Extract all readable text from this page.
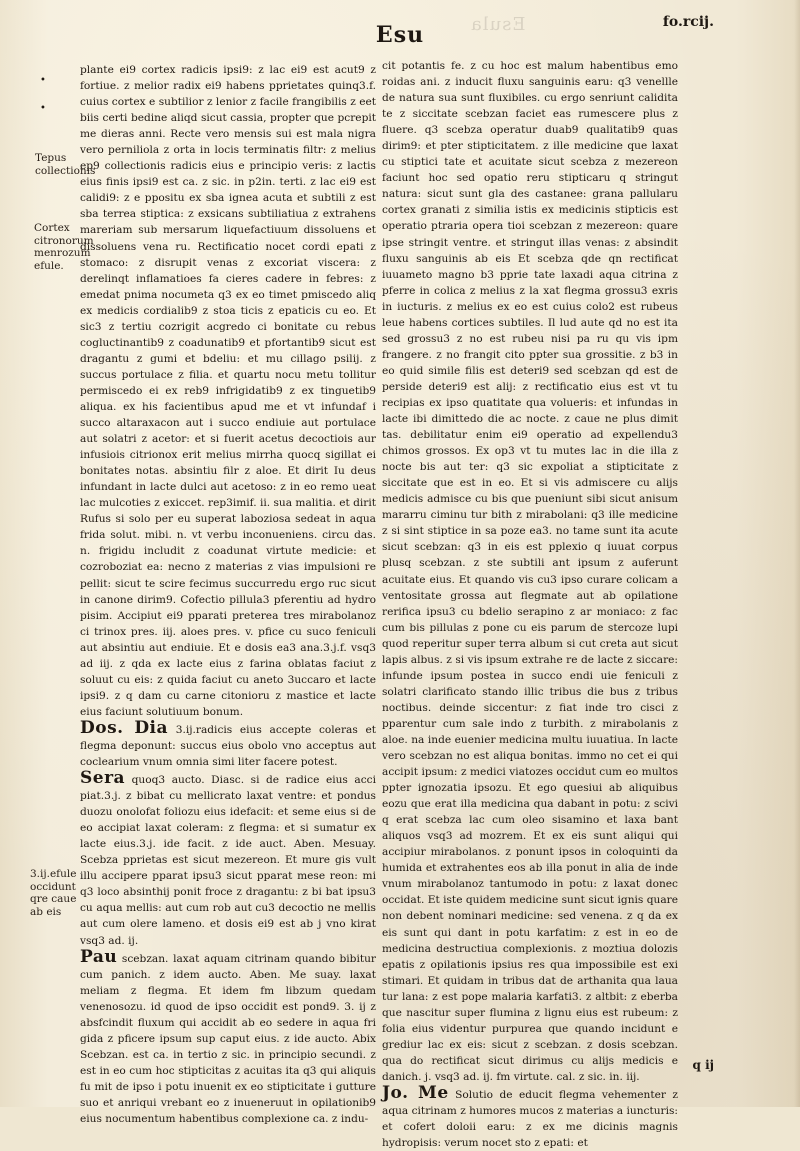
Esula
Esu	fo.rcij.
•
•
Tepus collectionis
Cortex citronorum menrozum efule.
3.ij.efule occidunt qre caue ab eis
plante ei9 cortex radicis ipsi9: z lac ei9 est acut9 z fortiue. z melior radix ei9 habens pprietates quinq3.f. cuius cortex e subtilior z lenior z facile frangibilis z eet biis certi bedine aliqd sicut cassia, propter que pcrepit me dieras anni. Recte vero mensis sui est mala nigra vero perniliola z orta in locis terminatis filtr: z melius ep9 collectionis radicis eius e principio veris: z lactis eius finis ipsi9 est ca. z sic. in p2in. terti. z lac ei9 est calidi9: z e ppositu ex sba ignea acuta et subtili z est sba terrea stiptica: z exsicans subtiliatiua z extrahens mareriam sub mersarum liquefactiuum dissoluens et dissoluens vena ru. Rectificatio nocet cordi epati z stomaco: z disrupit venas z excoriat viscera: z derelinqt inflamatioes fa cieres cadere in febres: z emedat pnima nocumeta q3 ex eo timet pmiscedo aliq ex medicis cordialib9 z stoa ticis z epaticis cu eo. Et sic3 z tertiu cozrigit acgredo ci bonitate cu rebus cogluctinantib9 z coadunatib9 et pfortantib9 sicut est dragantu z gumi et bdeliu: et mu cillago psilij. z succus portulace z filia. et quartu nocu metu tollitur permiscedo ei ex reb9 infrigidatib9 z ex tinguetib9 aliqua. ex his facientibus apud me et vt infundaf i succo altaraxacon aut i succo endiuie aut portulace aut solatri z acetor: et si fuerit acetus decoctiois aur infusiois citrionox erit melius mirrha quocq sigillat ei bonitates notas. absintiu filr z aloe. Et dirit Iu deus infundant in lacte dulci aut acetoso: z in eo remo ueat lac mulcoties z exiccet. rep3imif. ii. sua malitia. et dirit Rufus si solo per eu superat laboziosa sedeat in aqua frida solut. mibi. n. vt verbu inconueniens. circu das. n. frigidu includit z coadunat virtute medicie: et cozroboziat ea: necno z materias z vias impulsioni re pellit: sicut te scire fecimus succurredu ergo ruc sicut in canone dirim9. Cofectio pillula3 pferentiu ad hydro pisim. Accipiut ei9 pparati preterea tres mirabolanoz ci trinox pres. iij. aloes pres. v. pfice cu suco feniculi aut absintiu aut endiuie. Et e dosis ea3 ana.3.j.f. vsq3 ad iij. z qda ex lacte eius z farina oblatas faciut z soluut cu eis: z quida faciut cu aneto 3uccaro et lacte ipsi9. z q dam cu carne citonioru z mastice et lacte eius faciunt solutiuum bonum.
Dos. Dia 3.ij.radicis eius accepte coleras et flegma deponunt: succus eius obolo vno acceptus aut coclearium vnum omnia simi liter facere potest.
Sera quoq3 aucto. Diasc. si de radice eius acci piat.3.j. z bibat cu mellicrato laxat ventre: et pondus duozu onolofat foliozu eius idefacit: et seme eius si de eo accipiat laxat coleram: z flegma: et si sumatur ex lacte eius.3.j. ide facit. z ide auct. Aben. Mesuay. Scebza pprietas est sicut mezereon. Et mure gis vult illu accipere pparat ipsu3 sicut pparat mese reon: mi q3 loco absinthij ponit froce z dragantu: z bi bat ipsu3 cu aqua mellis: aut cum rob aut cu3 decoctio ne mellis aut cum olere lameno. et dosis ei9 est ab j vno kirat vsq3 ad. ij.
Pau scebzan. laxat aquam citrinam quando bibitur cum panich. z idem aucto. Aben. Me suay. laxat meliam z flegma. Et idem fm libzum quedam venenosozu. id quod de ipso occidit est pond9. 3. ij z absfcindit fluxum qui accidit ab eo sedere in aqua fri gida z pficere ipsum sup caput eius. z ide aucto. Abix Scebzan. est ca. in tertio z sic. in principio secundi. z est in eo cum hoc stipticitas z acuitas ita q3 qui aliquis fu mit de ipso i potu inuenit ex eo stipticitate i gutture suo et anriqui vrebant eo z inueneruut in opilationib9 eius nocumentum habentibus complexione ca. z indu-
cit potantis fe. z cu hoc est malum habentibus emo roidas ani. z inducit fluxu sanguinis earu: q3 venellle de natura sua sunt fluxibiles. cu ergo senriunt calidita te z siccitate scebzan faciet eas rumescere plus z fluere. q3 scebza operatur duab9 qualitatib9 quas dirim9: et pter stipticitatem. z ille medicine que laxat cu stiptici tate et acuitate sicut scebza z mezereon faciunt hoc sed opatio reru stipticaru q stringut natura: sicut sunt gla des castanee: grana pallularu cortex granati z similia istis ex medicinis stipticis est operatio ptraria opera tioi scebzan z mezereon: quare ipse stringit ventre. et stringut illas venas: z absindit fluxu sanguinis ab eis Et scebza qde qn rectificat iuuameto magno b3 pprie tate laxadi aqua citrina z pferre in colica z melius z la xat flegma grossu3 exris in iucturis. z melius ex eo est cuius colo2 est rubeus leue habens cortices subtiles. Il lud aute qd no est ita sed grossu3 z no est rubeu nisi pa ru qu vis ipm frangere. z no frangit cito ppter sua grossitie. z b3 in eo quid simile filis est deteri9 sed scebzan qd est de perside deteri9 est alij: z rectificatio eius est vt tu recipias ex ipso quatitate qua volueris: et infundas in lacte ibi dimittedo die ac nocte. z caue ne plus dimit tas. debilitatur enim ei9 operatio ad expellendu3 chimos grossos. Ex op3 vt tu mutes lac in die illa z nocte bis aut ter: q3 sic expoliat a stipticitate z siccitate que est in eo. Et si vis admiscere cu alijs medicis admisce cu bis que pueniunt sibi sicut anisum mararru ciminu tur bith z mirabolani: q3 ille medicine z si sint stiptice in sa poze ea3. no tame sunt ita acute sicut scebzan: q3 in eis est pplexio q iuuat corpus plusq scebzan. z ste subtili ant ipsum z auferunt acuitate eius. Et quando vis cu3 ipso curare colicam a ventositate grossa aut flegmate aut ab opilatione rerifica ipsu3 cu bdelio serapino z ar moniaco: z fac cum bis pillulas z pone cu eis parum de stercoze lupi quod reperitur super terra album si cut creta aut sicut lapis albus. z si vis ipsum extrahe re de lacte z siccare: infunde ipsum postea in succo endi uie feniculi z solatri clarificato stando illic tribus die bus z tribus noctibus. deinde siccentur: z fiat inde tro cisci z pparentur cum sale indo z turbith. z mirabolanis z aloe. na inde euenier medicina multu iuuatiua. In lacte vero scebzan no est aliqua bonitas. immo no cet ei qui accipit ipsum: z medici viatozes occidut cum eo multos ppter ignozatia ipsozu. Et ego quesiui ab aliquibus eozu que erat illa medicina qua dabant in potu: z scivi q erat scebza lac cum oleo sisamino et laxa bant aliquos vsq3 ad mozrem. Et ex eis sunt aliqui qui accipiur mirabolanos. z ponunt ipsos in coloquinti da humida et extrahentes eos ab illa ponut in alia de inde vnum mirabolanoz tantumodo in potu: z laxat donec occidat. Et iste quidem medicine sunt sicut ignis quare non debent nominari medicine: sed venena. z q da ex eis sunt qui dant in potu karfatim: z est in eo de medicina destructiua complexionis. z moztiua dolozis epatis z opilationis ipsius res qua impossibile est exi stimari. Et quidam in tribus dat de arthanita qua laua tur lana: z est pope malaria karfati3. z altbit: z eberba que nascitur super flumina z lignu eius est rubeum: z folia eius videntur purpurea que quando incidunt e grediur lac ex eis: sicut z scebzan. z dosis scebzan. qua do rectificat sicut dirimus cu alijs medicis e danich. j. vsq3 ad. ij. fm virtute. cal. z sic. in. iij.
Jo. Me Solutio de educit flegma vehementer z aqua citrinam z humores mucos z materias a iuncturis: et cofert doloii earu: z ex me dicinis magnis hydropisis: verum nocet sto z epati: et
q ij
